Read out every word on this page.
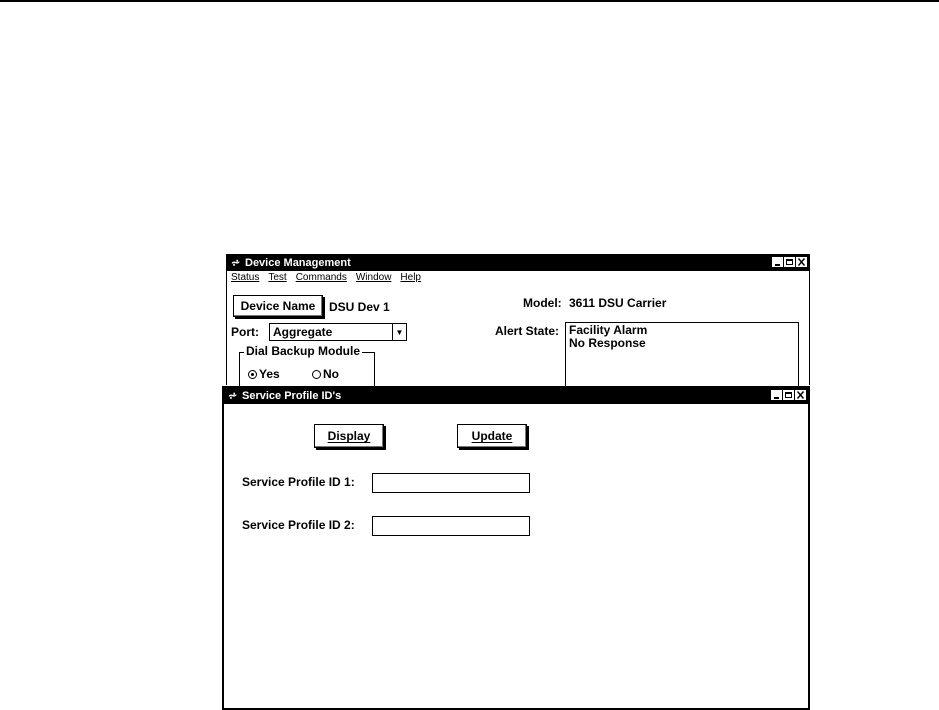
⩫ Device Management
Status Test Commands Window Help
Device Name	DSU Dev 1	Model: 3611 DSU Carrier
Port:	Aggregate	▼	Alert State: Facility Alarm
No Response
Dial Backup Module
Yes	No
⩫ Service Profile ID's
Display	Update
Service Profile ID 1:
Service Profile ID 2:
